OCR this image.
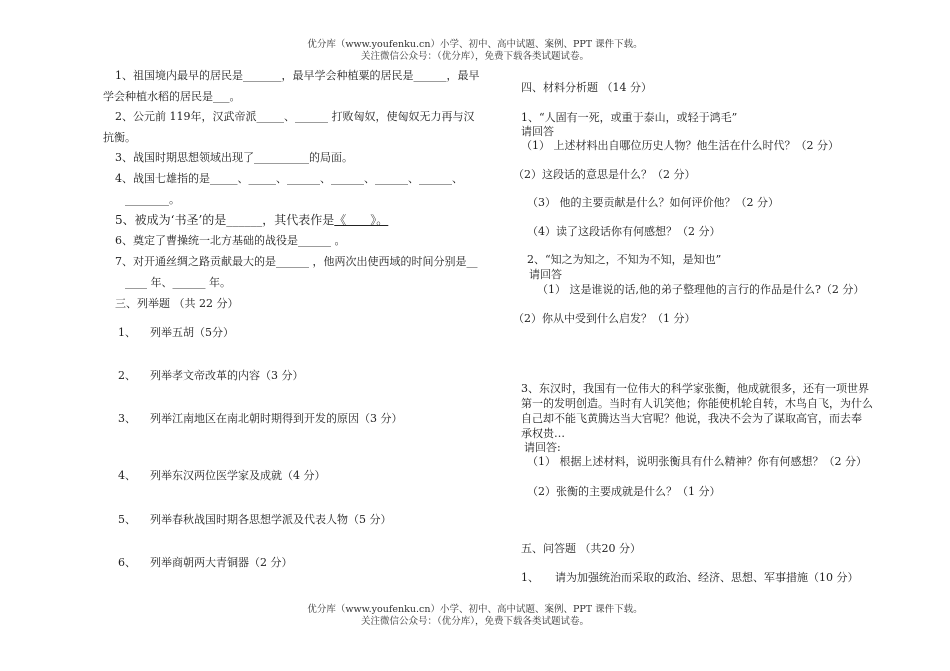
优分库（www.youfenku.cn）小学、初中、高中试题、案例、PPT 课件下载。
关注微信公众号：（优分库），免费下载各类试题试卷。
1、祖国境内最早的居民是_______，最早学会种植粟的居民是______，最早
学会种植水稻的居民是___。
2、公元前 119年，汉武帝派_____、______ 打败匈奴，使匈奴无力再与汉
抗衡。
3、战国时期思想领域出现了__________的局面。
4、战国七雄指的是_____、_____、______、______、______、______、
________。
5、被成为‘书圣’的是______，其代表作是《　　》。
6、奠定了曹操统一北方基础的战役是______ 。
7、对开通丝绸之路贡献最大的是______ ，他两次出使西域的时间分别是__
____ 年、______ 年。
三、列举题 （共 22 分）
1、 列举五胡（5分）
2、 列举孝文帝改革的内容（3 分）
3、 列举江南地区在南北朝时期得到开发的原因（3 分）
4、 列举东汉两位医学家及成就（4 分）
5、 列举春秋战国时期各思想学派及代表人物（5 分）
6、 列举商朝两大青铜器（2 分）
四、材料分析题 （14 分）
1、“人固有一死，或重于泰山，或轻于鸿毛”
请回答
（1） 上述材料出自哪位历史人物？他生活在什么时代？（2 分）
（2）这段话的意思是什么？（2 分）
（3） 他的主要贡献是什么？如何评价他？（2 分）
（4）读了这段话你有何感想？（2 分）
2、“知之为知之，不知为不知，是知也”
请回答
（1） 这是谁说的话,他的弟子整理他的言行的作品是什么?（2 分）
（2）你从中受到什么启发？（1 分）
3、东汉时，我国有一位伟大的科学家张衡，他成就很多，还有一项世界
第一的发明创造。当时有人讥笑他；你能使机轮自转，木鸟自飞，为什么
自己却不能飞黄腾达当大官呢？他说，我决不会为了谋取高官，而去奉
承权贵…
请回答:
（1） 根据上述材料，说明张衡具有什么精神？你有何感想？（2 分）
（2）张衡的主要成就是什么？（1 分）
五、问答题 （共20 分）
1、 请为加强统治而采取的政治、经济、思想、军事措施（10 分）
优分库（www.youfenku.cn）小学、初中、高中试题、案例、PPT 课件下载。
关注微信公众号：（优分库），免费下载各类试题试卷。
